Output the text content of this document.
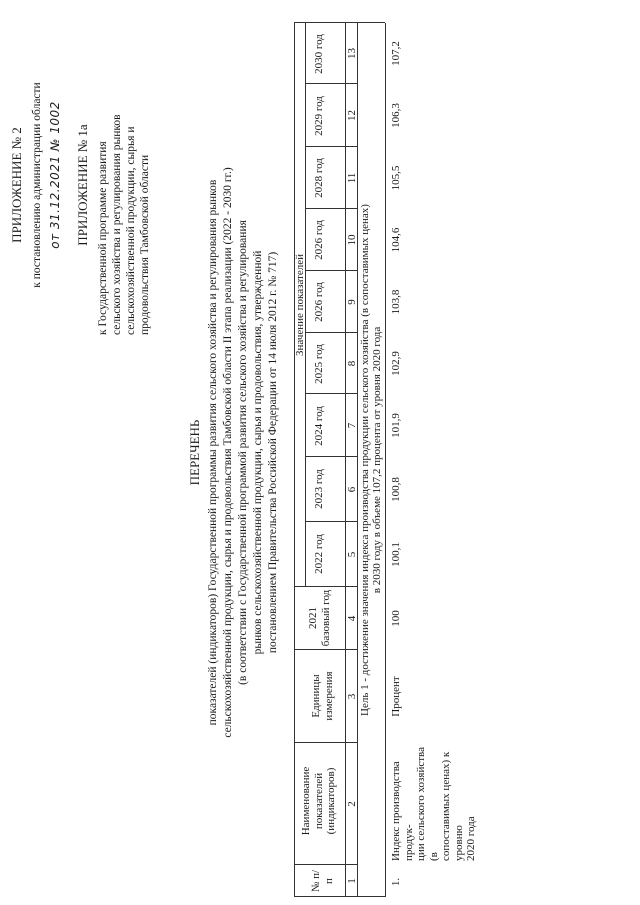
ПРИЛОЖЕНИЕ № 2 к постановлению администрации области от 31.12.2021 № 1002 ПРИЛОЖЕНИЕ № 1а к Государственной программе развития сельского хозяйства и регулирования рынков сельскохозяйственной продукции, сырья и продовольствия Тамбовской области
ПЕРЕЧЕНЬ показателей (индикаторов) Государственной программы развития сельского хозяйства и регулирования рынков сельскохозяйственной продукции, сырья и продовольствия Тамбовской области II этапа реализации (2022 - 2030 гг.) (в соответствии с Государственной программой развития сельского хозяйства и регулирования рынков сельскохозяйственной продукции, сырья и продовольствия, утвержденной постановлением Правительства Российской Федерации от 14 июля 2012 г. № 717)
№ п/п
Наименование показателей (индикаторов)
Единицы измерения
Значение показателей
2021 базовый год
2022 год
2023 год
2024 год
2025 год
2026 год
2026 год
2028 год
2029 год
2030 год
1
2
3
4
5
6
7
8
9
10
11
12
13
Цель 1 - достижение значения индекса производства продукции сельского хозяйства (в сопоставимых ценах) в 2030 году в объеме 107,2 процента от уровня 2020 года
1.
Индекс производства продук- ции сельского хозяйства (в сопоставимых ценах) к уровню 2020 года
Процент
100
100,1
100,8
101,9
102,9
103,8
104,6
105,5
106,3
107,2
